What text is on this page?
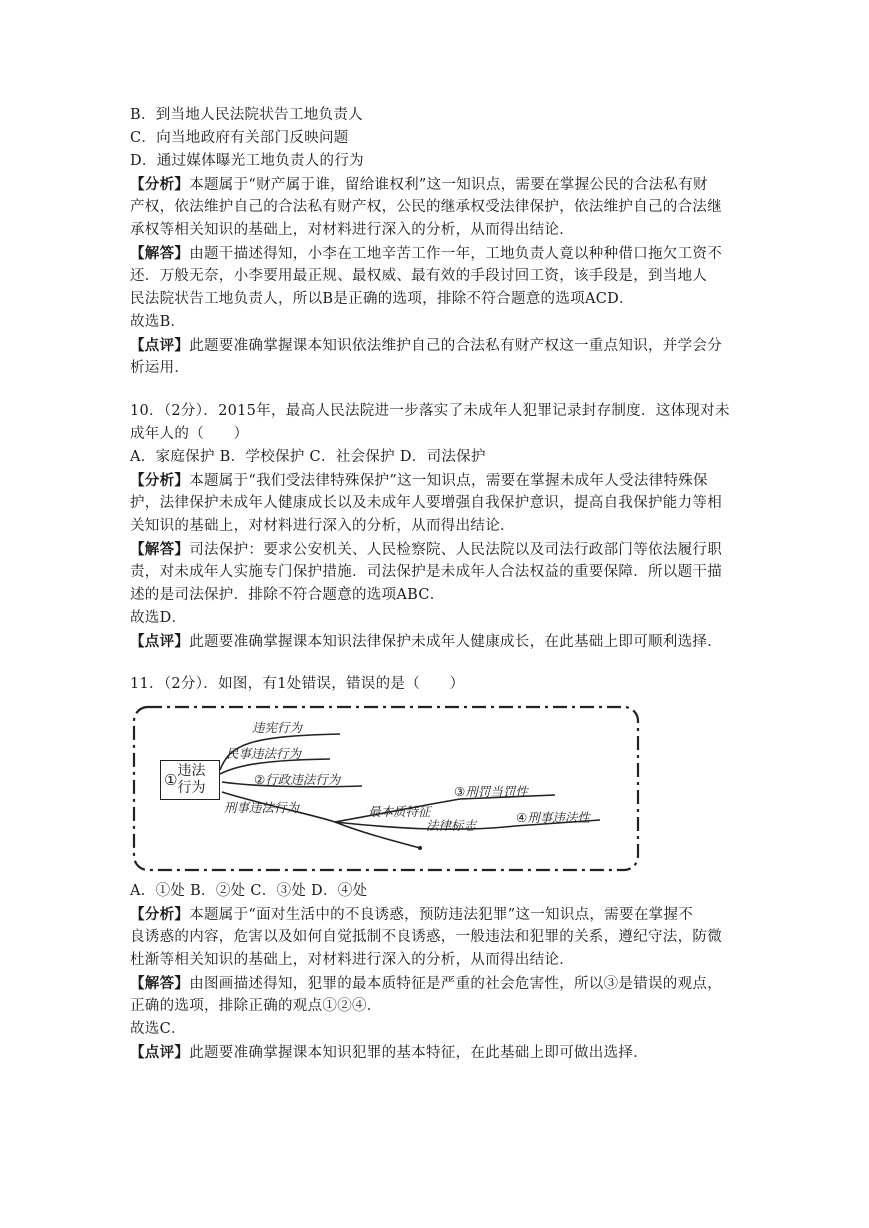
B．到当地人民法院状告工地负责人
C．向当地政府有关部门反映问题
D．通过媒体曝光工地负责人的行为
【分析】本题属于“财产属于谁，留给谁权利”这一知识点，需要在掌握公民的合法私有财
产权，依法维护自己的合法私有财产权，公民的继承权受法律保护，依法维护自己的合法继
承权等相关知识的基础上，对材料进行深入的分析，从而得出结论．
【解答】由题干描述得知，小李在工地辛苦工作一年，工地负责人竟以种种借口拖欠工资不
还．万般无奈，小李要用最正规、最权威、最有效的手段讨回工资，该手段是，到当地人
民法院状告工地负责人，所以B是正确的选项，排除不符合题意的选项ACD．
故选B．
【点评】此题要准确掌握课本知识依法维护自己的合法私有财产权这一重点知识，并学会分
析运用．
10．（2分）．2015年，最高人民法院进一步落实了未成年人犯罪记录封存制度．这体现对未
成年人的（　　）
A．家庭保护 B．学校保护 C．社会保护 D．司法保护
【分析】本题属于“我们受法律特殊保护”这一知识点，需要在掌握未成年人受法律特殊保
护，法律保护未成年人健康成长以及未成年人要增强自我保护意识，提高自我保护能力等相
关知识的基础上，对材料进行深入的分析，从而得出结论．
【解答】司法保护：要求公安机关、人民检察院、人民法院以及司法行政部门等依法履行职
责，对未成年人实施专门保护措施．司法保护是未成年人合法权益的重要保障．所以题干描
述的是司法保护．排除不符合题意的选项ABC．
故选D．
【点评】此题要准确掌握课本知识法律保护未成年人健康成长，在此基础上即可顺利选择．
11．（2分）．如图，有1处错误，错误的是（　　）
① 违法行为
违宪行为
民事违法行为
②行政违法行为
刑事违法行为	最本质特征
③刑罚当罚性
法律标志
④刑事违法性
A．①处 B．②处 C．③处 D．④处
【分析】本题属于“面对生活中的不良诱惑，预防违法犯罪”这一知识点，需要在掌握不
良诱惑的内容，危害以及如何自觉抵制不良诱惑，一般违法和犯罪的关系，遵纪守法，防微
杜渐等相关知识的基础上，对材料进行深入的分析，从而得出结论．
【解答】由图画描述得知，犯罪的最本质特征是严重的社会危害性，所以③是错误的观点，
正确的选项，排除正确的观点①②④．
故选C．
【点评】此题要准确掌握课本知识犯罪的基本特征，在此基础上即可做出选择．
